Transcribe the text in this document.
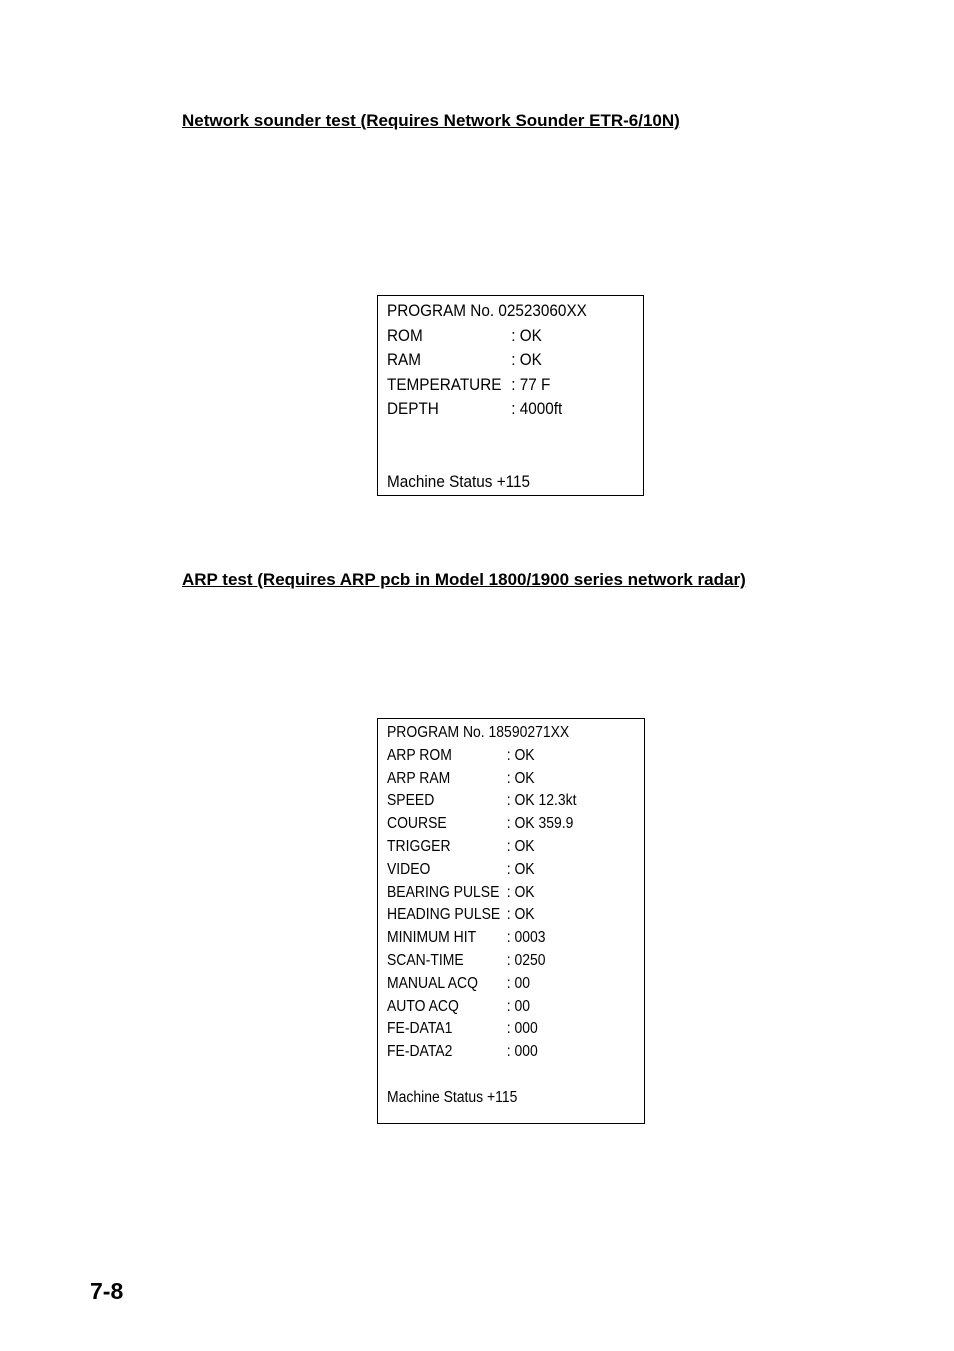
Network sounder test (Requires Network Sounder ETR-6/10N)
PROGRAM No. 02523060XX
ROM	: OK
RAM	: OK
TEMPERATURE : 77 F
DEPTH	: 4000ft
Machine Status +115
ARP test (Requires ARP pcb in Model 1800/1900 series network radar)
PROGRAM No. 18590271XX
ARP ROM	: OK
ARP RAM	: OK
SPEED	: OK 12.3kt
COURSE	: OK 359.9
TRIGGER	: OK
VIDEO	: OK
BEARING PULSE : OK
HEADING PULSE : OK
MINIMUM HIT	: 0003
SCAN-TIME	: 0250
MANUAL ACQ	: 00
AUTO ACQ	: 00
FE-DATA1	: 000
FE-DATA2	: 000
Machine Status +115
7-8
